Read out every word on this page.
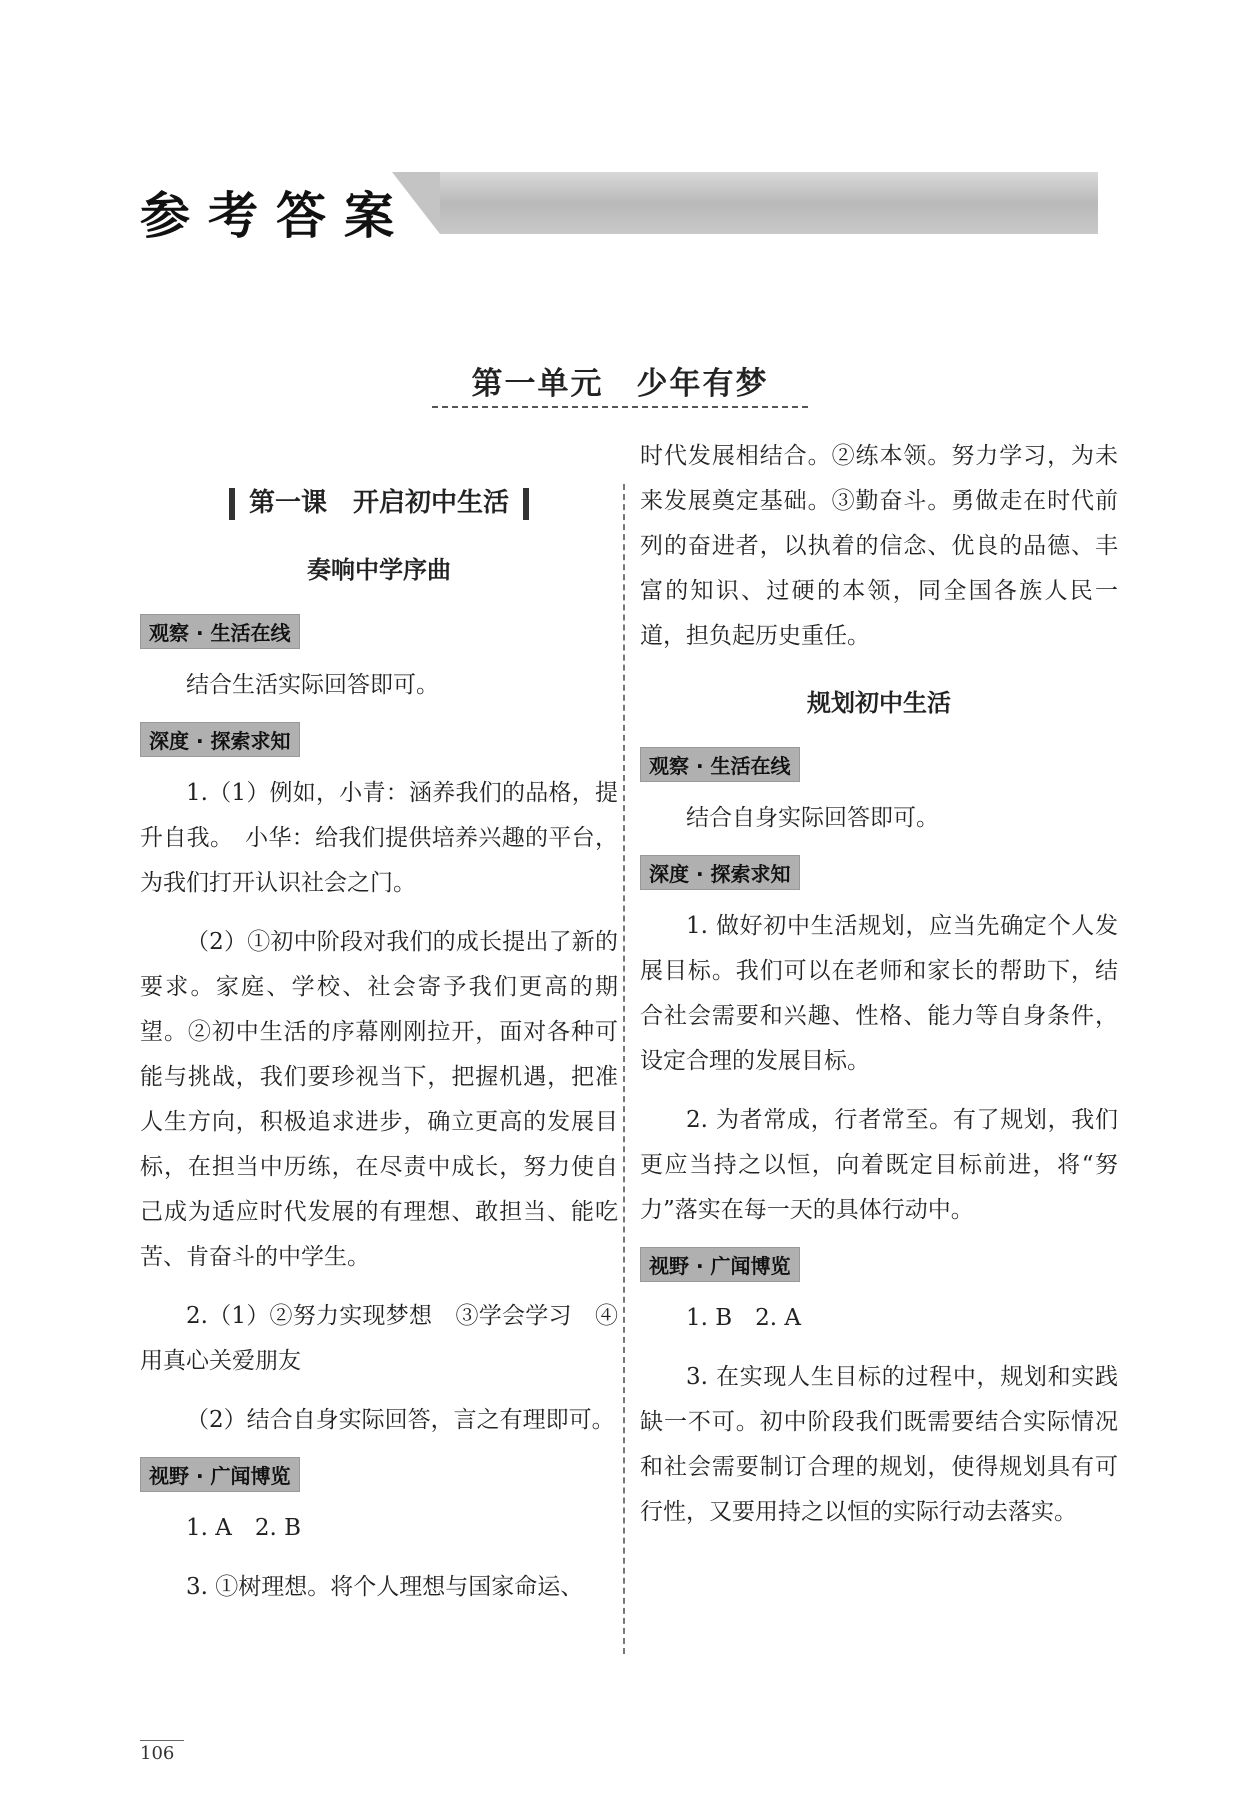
参考答案
第一单元　少年有梦
第一课　开启初中生活
奏响中学序曲
观察 · 生活在线

结合生活实际回答即可。

深度 · 探索求知

1.（1）例如，小青：涵养我们的品格，提升自我。　小华：给我们提供培养兴趣的平台，为我们打开认识社会之门。

（2）①初中阶段对我们的成长提出了新的要求。家庭、学校、社会寄予我们更高的期望。②初中生活的序幕刚刚拉开，面对各种可能与挑战，我们要珍视当下，把握机遇，把准人生方向，积极追求进步，确立更高的发展目标，在担当中历练，在尽责中成长，努力使自己成为适应时代发展的有理想、敢担当、能吃苦、肯奋斗的中学生。

2.（1）②努力实现梦想　③学会学习　④用真心关爱朋友

（2）结合自身实际回答，言之有理即可。

视野 · 广闻博览

1. A　2. B

3. ①树理想。将个人理想与国家命运、

时代发展相结合。②练本领。努力学习，为未来发展奠定基础。③勤奋斗。勇做走在时代前列的奋进者，以执着的信念、优良的品德、丰富的知识、过硬的本领，同全国各族人民一道，担负起历史重任。

规划初中生活
观察 · 生活在线

结合自身实际回答即可。

深度 · 探索求知

1. 做好初中生活规划，应当先确定个人发展目标。我们可以在老师和家长的帮助下，结合社会需要和兴趣、性格、能力等自身条件，设定合理的发展目标。

2. 为者常成，行者常至。有了规划，我们更应当持之以恒，向着既定目标前进，将“努力”落实在每一天的具体行动中。

视野 · 广闻博览

1. B　2. A

3. 在实现人生目标的过程中，规划和实践缺一不可。初中阶段我们既需要结合实际情况和社会需要制订合理的规划，使得规划具有可行性，又要用持之以恒的实际行动去落实。

106
